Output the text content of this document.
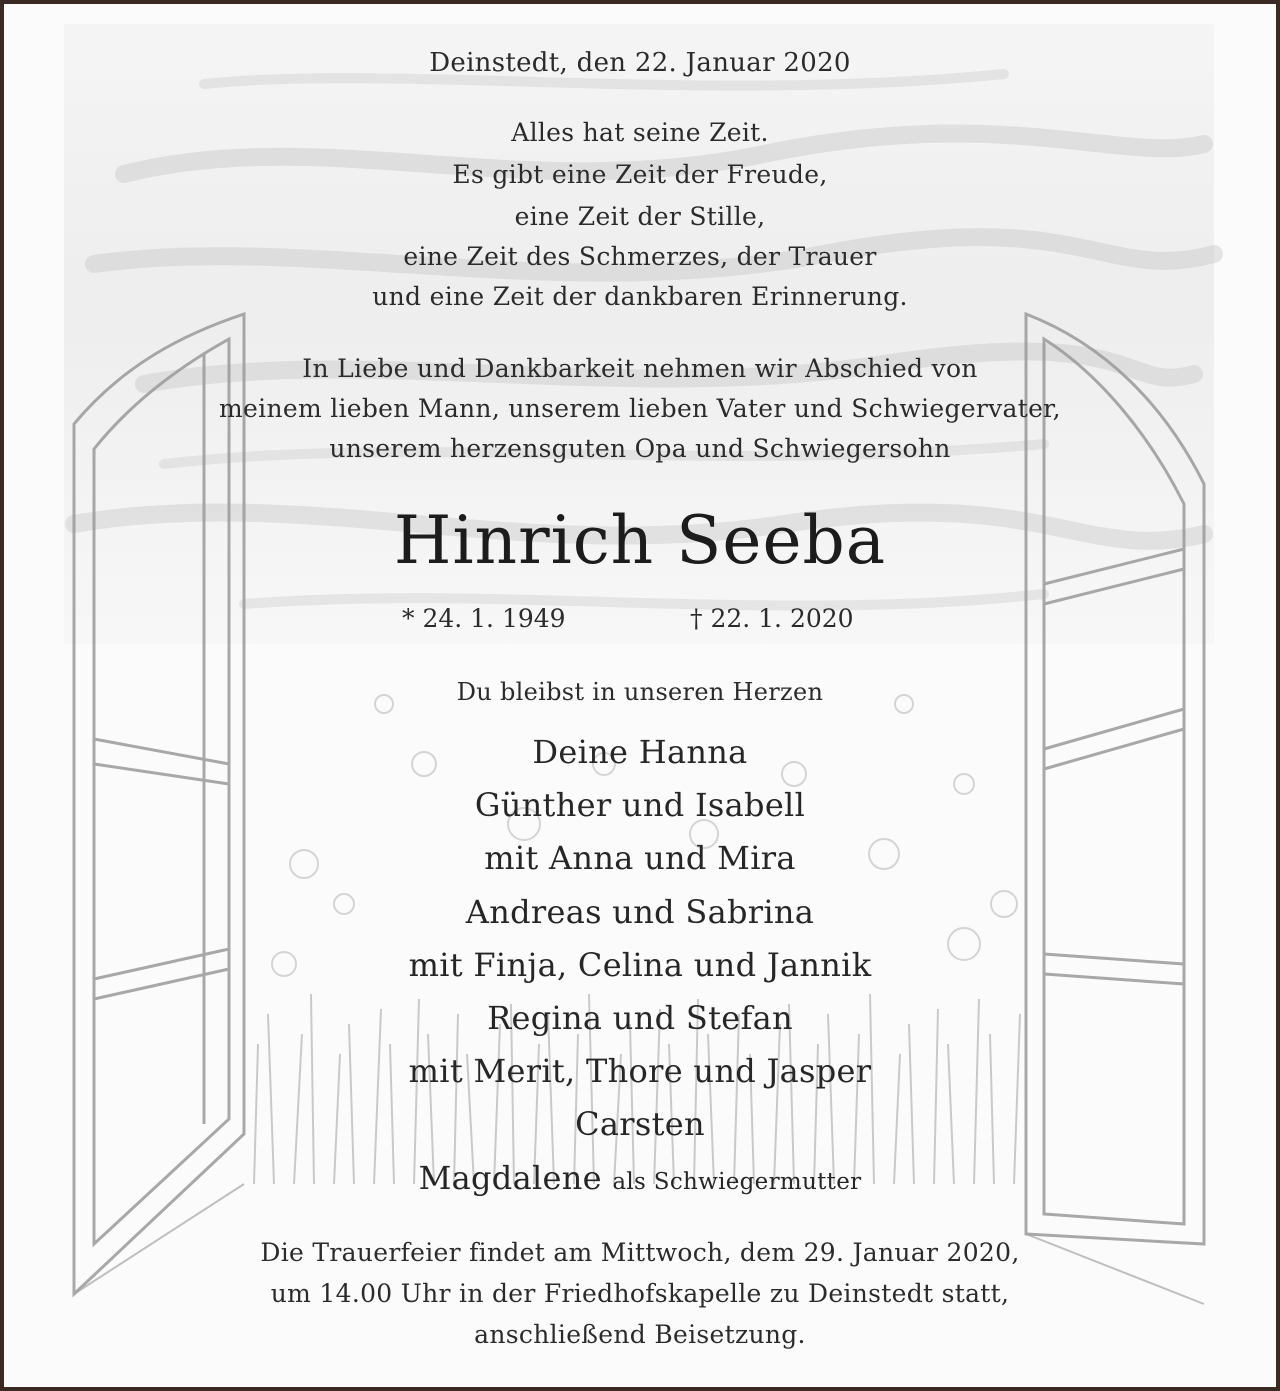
Deinstedt, den 22. Januar 2020
Alles hat seine Zeit.
Es gibt eine Zeit der Freude,
eine Zeit der Stille,
eine Zeit des Schmerzes, der Trauer
und eine Zeit der dankbaren Erinnerung.
In Liebe und Dankbarkeit nehmen wir Abschied von
meinem lieben Mann, unserem lieben Vater und Schwiegervater,
unserem herzensguten Opa und Schwiegersohn
Hinrich Seeba
* 24. 1. 1949	† 22. 1. 2020
Du bleibst in unseren Herzen
Deine Hanna
Günther und Isabell
mit Anna und Mira
Andreas und Sabrina
mit Finja, Celina und Jannik
Regina und Stefan
mit Merit, Thore und Jasper
Carsten
Magdalene als Schwiegermutter
Die Trauerfeier findet am Mittwoch, dem 29. Januar 2020,
um 14.00 Uhr in der Friedhofskapelle zu Deinstedt statt,
anschließend Beisetzung.
